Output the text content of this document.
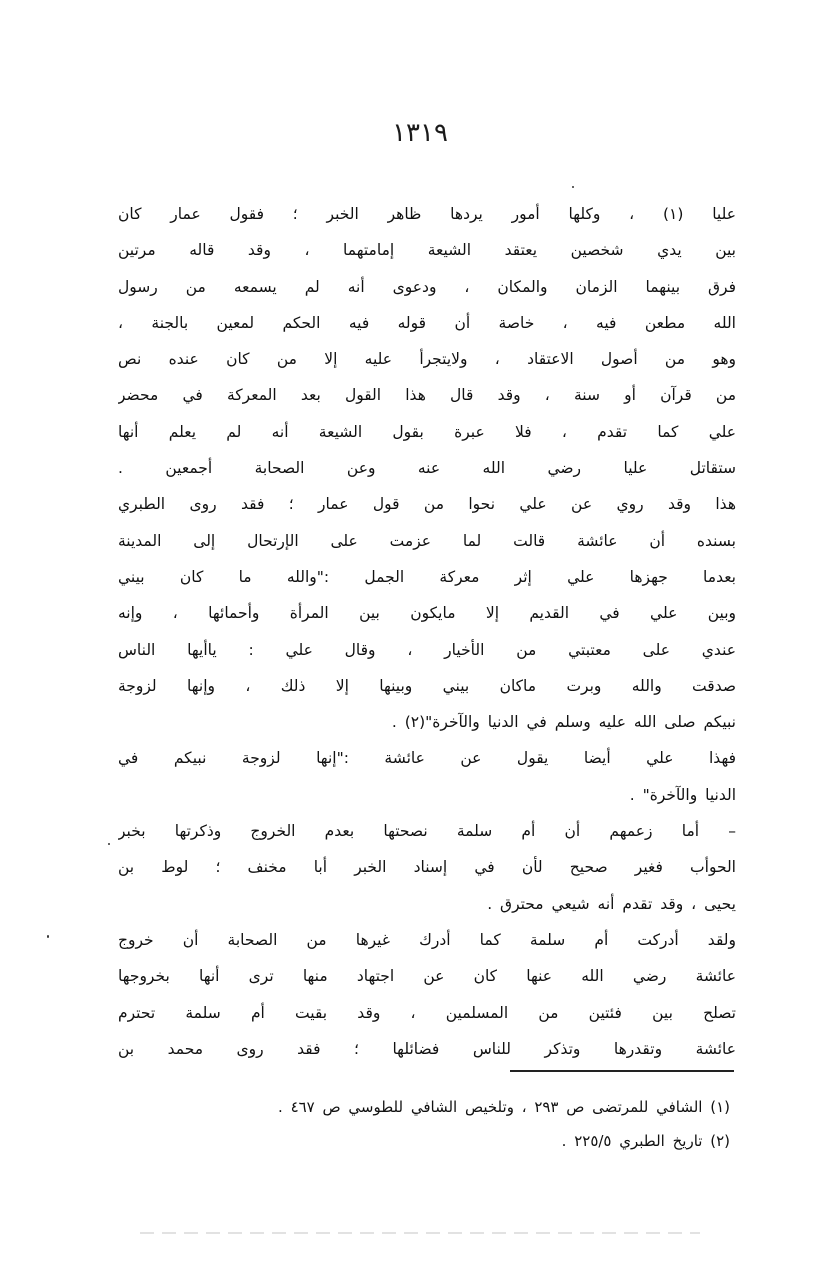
١٣١٩
عليا (١) ، وكلها أمور يردها ظاهر الخبر ؛ فقول عمار كان
بين يدي شخصين يعتقد الشيعة إمامتهما ، وقد قاله مرتين
فرق بينهما الزمان والمكان ، ودعوى أنه لم يسمعه من رسول
الله مطعن فيه ، خاصة أن قوله فيه الحكم لمعين بالجنة ،
وهو من أصول الاعتقاد ، ولايتجرأ عليه إلا من كان عنده نص
من قرآن أو سنة ، وقد قال هذا القول بعد المعركة في محضر
علي كما تقدم ، فلا عبرة بقول الشيعة أنه لم يعلم أنها
ستقاتل عليا رضي الله عنه وعن الصحابة أجمعين .
هذا وقد روي عن علي نحوا من قول عمار ؛ فقد روى الطبري
بسنده أن عائشة قالت لما عزمت على الإرتحال إلى المدينة
بعدما جهزها علي إثر معركة الجمل :"والله ما كان بيني
وبين علي في القديم إلا مايكون بين المرأة وأحمائها ، وإنه
عندي على معتبتي من الأخيار ، وقال علي : ياأيها الناس
صدقت والله وبرت ماكان بيني وبينها إلا ذلك ، وإنها لزوجة
نبيكم صلى الله عليه وسلم في الدنيا والآخرة"(٢) .
فهذا علي أيضا يقول عن عائشة :"إنها لزوجة نبيكم في
الدنيا والآخرة" .
– أما زعمهم أن أم سلمة نصحتها بعدم الخروج وذكرتها بخبر
الحوأب فغير صحيح لأن في إسناد الخبر أبا مخنف ؛ لوط بن
يحيى ، وقد تقدم أنه شيعي محترق .
ولقد أدركت أم سلمة كما أدرك غيرها من الصحابة أن خروج
عائشة رضي الله عنها كان عن اجتهاد منها ترى أنها بخروجها
تصلح بين فئتين من المسلمين ، وقد بقيت أم سلمة تحترم
عائشة وتقدرها وتذكر للناس فضائلها ؛ فقد روى محمد بن
(١) الشافي للمرتضى ص ٢٩٣ ، وتلخيص الشافي للطوسي ص ٤٦٧ .
(٢) تاريخ الطبري ٢٢٥/٥ .
